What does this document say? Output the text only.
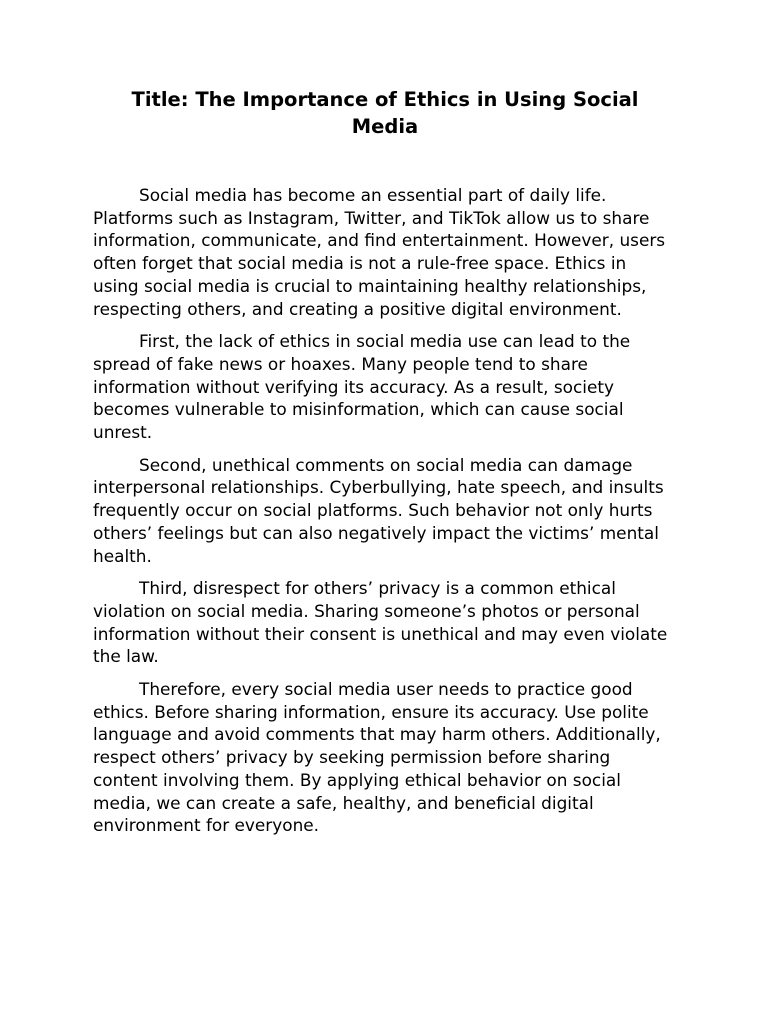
Title: The Importance of Ethics in Using Social Media

Social media has become an essential part of daily life. Platforms such as Instagram, Twitter, and TikTok allow us to share information, communicate, and find entertainment. However, users often forget that social media is not a rule-free space. Ethics in using social media is crucial to maintaining healthy relationships, respecting others, and creating a positive digital environment.

First, the lack of ethics in social media use can lead to the spread of fake news or hoaxes. Many people tend to share information without verifying its accuracy. As a result, society becomes vulnerable to misinformation, which can cause social unrest.

Second, unethical comments on social media can damage interpersonal relationships. Cyberbullying, hate speech, and insults frequently occur on social platforms. Such behavior not only hurts others’ feelings but can also negatively impact the victims’ mental health.

Third, disrespect for others’ privacy is a common ethical violation on social media. Sharing someone’s photos or personal information without their consent is unethical and may even violate the law.

Therefore, every social media user needs to practice good ethics. Before sharing information, ensure its accuracy. Use polite language and avoid comments that may harm others. Additionally, respect others’ privacy by seeking permission before sharing content involving them. By applying ethical behavior on social media, we can create a safe, healthy, and beneficial digital environment for everyone.
